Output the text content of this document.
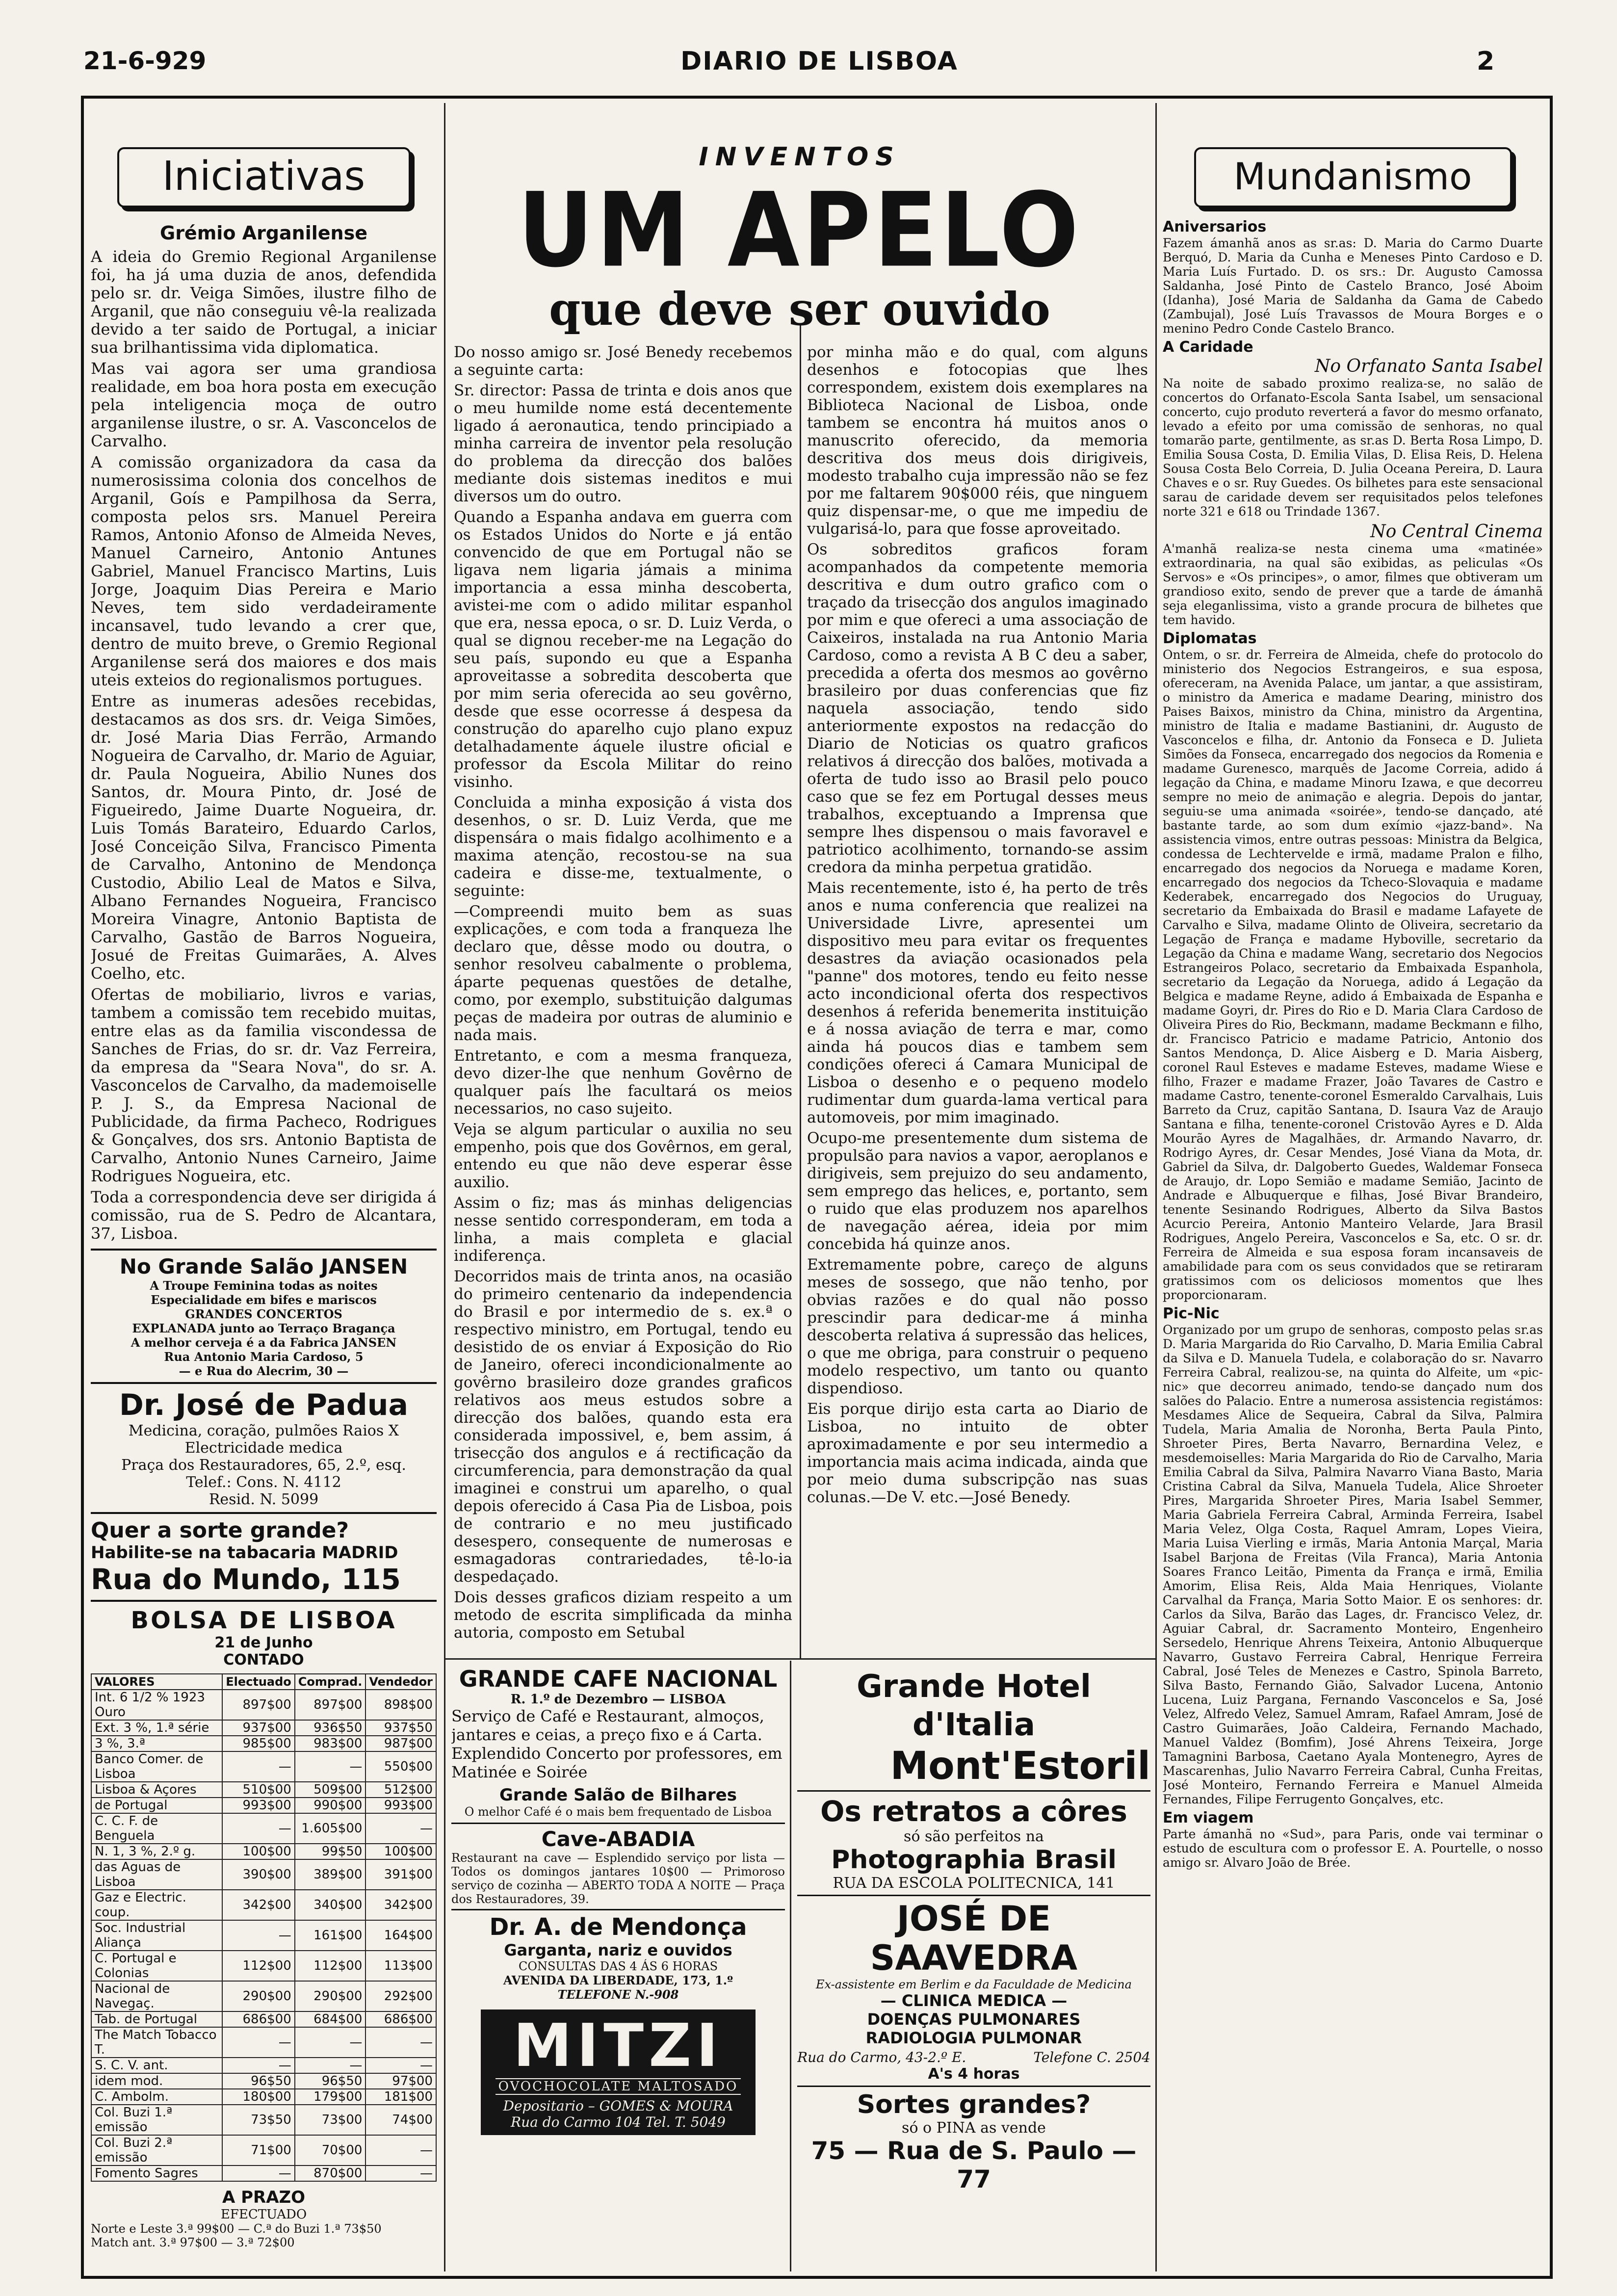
21-6-929	DIARIO DE LISBOA	2
Iniciativas
Grémio Arganilense

A ideia do Gremio Regional Arganilense foi, ha já uma duzia de anos, defendida pelo sr. dr. Veiga Simões, ilustre filho de Arganil, que não conseguiu vê-la realizada devido a ter saido de Portugal, a iniciar sua brilhantissima vida diplomatica.

Mas vai agora ser uma grandiosa realidade, em boa hora posta em execução pela inteligencia moça de outro arganilense ilustre, o sr. A. Vasconcelos de Carvalho.

A comissão organizadora da casa da numerosissima colonia dos concelhos de Arganil, Goís e Pampilhosa da Serra, composta pelos srs. Manuel Pereira Ramos, Antonio Afonso de Almeida Neves, Manuel Carneiro, Antonio Antunes Gabriel, Manuel Francisco Martins, Luis Jorge, Joaquim Dias Pereira e Mario Neves, tem sido verdadeiramente incansavel, tudo levando a crer que, dentro de muito breve, o Gremio Regional Arganilense será dos maiores e dos mais uteis exteios do regionalismos portugues.

Entre as inumeras adesões recebidas, destacamos as dos srs. dr. Veiga Simões, dr. José Maria Dias Ferrão, Armando Nogueira de Carvalho, dr. Mario de Aguiar, dr. Paula Nogueira, Abilio Nunes dos Santos, dr. Moura Pinto, dr. José de Figueiredo, Jaime Duarte Nogueira, dr. Luis Tomás Barateiro, Eduardo Carlos, José Conceição Silva, Francisco Pimenta de Carvalho, Antonino de Mendonça Custodio, Abilio Leal de Matos e Silva, Albano Fernandes Nogueira, Francisco Moreira Vinagre, Antonio Baptista de Carvalho, Gastão de Barros Nogueira, Josué de Freitas Guimarães, A. Alves Coelho, etc.

Ofertas de mobiliario, livros e varias, tambem a comissão tem recebido muitas, entre elas as da familia viscondessa de Sanches de Frias, do sr. dr. Vaz Ferreira, da empresa da "Seara Nova", do sr. A. Vasconcelos de Carvalho, da mademoiselle P. J. S., da Empresa Nacional de Publicidade, da firma Pacheco, Rodrigues & Gonçalves, dos srs. Antonio Baptista de Carvalho, Antonio Nunes Carneiro, Jaime Rodrigues Nogueira, etc.

Toda a correspondencia deve ser dirigida á comissão, rua de S. Pedro de Alcantara, 37, Lisboa.

No Grande Salão JANSEN
A Troupe Feminina todas as noites
Especialidade em bifes e mariscos
GRANDES CONCERTOS
EXPLANADA junto ao Terraço Bragança
A melhor cerveja é a da Fabrica JANSEN
Rua Antonio Maria Cardoso, 5
— e Rua do Alecrim, 30 —
Dr. José de Padua
Medicina, coração, pulmões Raios X
Electricidade medica
Praça dos Restauradores, 65, 2.º, esq.
Telef.: Cons. N. 4112
Resid. N. 5099
Quer a sorte grande?
Habilite-se na tabacaria MADRID
Rua do Mundo, 115
BOLSA DE LISBOA
21 de Junho
CONTADO
VALORES	Electuado	Comprad.	Vendedor
Int. 6 1/2 % 1923 Ouro	897$00	897$00	898$00
Ext. 3 %, 1.ª série	937$00	936$50	937$50
3 %, 3.ª	985$00	983$00	987$00
Banco Comer. de Lisboa	—	—	550$00
Lisboa & Açores	510$00	509$00	512$00
de Portugal	993$00	990$00	993$00
C. C. F. de Benguela	—	1.605$00	—
N. 1, 3 %, 2.º g.	100$00	99$50	100$00
das Aguas de Lisboa	390$00	389$00	391$00
Gaz e Electric. coup.	342$00	340$00	342$00
Soc. Industrial Aliança	—	161$00	164$00
C. Portugal e Colonias	112$00	112$00	113$00
Nacional de Navegaç.	290$00	290$00	292$00
Tab. de Portugal	686$00	684$00	686$00
The Match Tobacco T.	—	—	—
S. C. V. ant.	—	—	—
idem mod.	96$50	96$50	97$00
C. Ambolm.	180$00	179$00	181$00
Col. Buzi 1.ª emissão	73$50	73$00	74$00
Col. Buzi 2.ª emissão	71$00	70$00	—
Fomento Sagres	—	870$00	—
A PRAZO
EFECTUADO
Norte e Leste 3.ª 99$00 — C.ª do Buzi 1.ª 73$50
Match ant. 3.ª 97$00 — 3.ª 72$00
INVENTOS
UM APELO
que deve ser ouvido

Do nosso amigo sr. José Benedy recebemos a seguinte carta:

Sr. director: Passa de trinta e dois anos que o meu humilde nome está decentemente ligado á aeronautica, tendo principiado a minha carreira de inventor pela resolução do problema da direcção dos balões mediante dois sistemas ineditos e mui diversos um do outro.

Quando a Espanha andava em guerra com os Estados Unidos do Norte e já então convencido de que em Portugal não se ligava nem ligaria jámais a minima importancia a essa minha descoberta, avistei-me com o adido militar espanhol que era, nessa epoca, o sr. D. Luiz Verda, o qual se dignou receber-me na Legação do seu país, supondo eu que a Espanha aproveitasse a sobredita descoberta que por mim seria oferecida ao seu govêrno, desde que esse ocorresse á despesa da construção do aparelho cujo plano expuz detalhadamente áquele ilustre oficial e professor da Escola Militar do reino visinho.

Concluida a minha exposição á vista dos desenhos, o sr. D. Luiz Verda, que me dispensára o mais fidalgo acolhimento e a maxima atenção, recostou-se na sua cadeira e disse-me, textualmente, o seguinte:

—Compreendi muito bem as suas explicações, e com toda a franqueza lhe declaro que, dêsse modo ou doutra, o senhor resolveu cabalmente o problema, áparte pequenas questões de detalhe, como, por exemplo, substituição dalgumas peças de madeira por outras de aluminio e nada mais.

Entretanto, e com a mesma franqueza, devo dizer-lhe que nenhum Govêrno de qualquer país lhe facultará os meios necessarios, no caso sujeito.

Veja se algum particular o auxilia no seu empenho, pois que dos Govêrnos, em geral, entendo eu que não deve esperar êsse auxilio.

Assim o fiz; mas ás minhas deligencias nesse sentido corresponderam, em toda a linha, a mais completa e glacial indiferença.

Decorridos mais de trinta anos, na ocasião do primeiro centenario da independencia do Brasil e por intermedio de s. ex.ª o respectivo ministro, em Portugal, tendo eu desistido de os enviar á Exposição do Rio de Janeiro, ofereci incondicionalmente ao govêrno brasileiro doze grandes graficos relativos aos meus estudos sobre a direcção dos balões, quando esta era considerada impossivel, e, bem assim, á trisecção dos angulos e á rectificação da circumferencia, para demonstração da qual imaginei e construi um aparelho, o qual depois oferecido á Casa Pia de Lisboa, pois de contrario e no meu justificado desespero, consequente de numerosas e esmagadoras contrariedades, tê-lo-ia despedaçado.

Dois desses graficos diziam respeito a um metodo de escrita simplificada da minha autoria, composto em Setubal

por minha mão e do qual, com alguns desenhos e fotocopias que lhes correspondem, existem dois exemplares na Biblioteca Nacional de Lisboa, onde tambem se encontra há muitos anos o manuscrito oferecido, da memoria descritiva dos meus dois dirigiveis, modesto trabalho cuja impressão não se fez por me faltarem 90$000 réis, que ninguem quiz dispensar-me, o que me impediu de vulgarisá-lo, para que fosse aproveitado.

Os sobreditos graficos foram acompanhados da competente memoria descritiva e dum outro grafico com o traçado da trisecção dos angulos imaginado por mim e que ofereci a uma associação de Caixeiros, instalada na rua Antonio Maria Cardoso, como a revista A B C deu a saber, precedida a oferta dos mesmos ao govêrno brasileiro por duas conferencias que fiz naquela associação, tendo sido anteriormente expostos na redacção do Diario de Noticias os quatro graficos relativos á direcção dos balões, motivada a oferta de tudo isso ao Brasil pelo pouco caso que se fez em Portugal desses meus trabalhos, exceptuando a Imprensa que sempre lhes dispensou o mais favoravel e patriotico acolhimento, tornando-se assim credora da minha perpetua gratidão.

Mais recentemente, isto é, ha perto de três anos e numa conferencia que realizei na Universidade Livre, apresentei um dispositivo meu para evitar os frequentes desastres da aviação ocasionados pela "panne" dos motores, tendo eu feito nesse acto incondicional oferta dos respectivos desenhos á referida benemerita instituição e á nossa aviação de terra e mar, como ainda há poucos dias e tambem sem condições ofereci á Camara Municipal de Lisboa o desenho e o pequeno modelo rudimentar dum guarda-lama vertical para automoveis, por mim imaginado.

Ocupo-me presentemente dum sistema de propulsão para navios a vapor, aeroplanos e dirigiveis, sem prejuizo do seu andamento, sem emprego das helices, e, portanto, sem o ruido que elas produzem nos aparelhos de navegação aérea, ideia por mim concebida há quinze anos.

Extremamente pobre, careço de alguns meses de sossego, que não tenho, por obvias razões e do qual não posso prescindir para dedicar-me á minha descoberta relativa á supressão das helices, o que me obriga, para construir o pequeno modelo respectivo, um tanto ou quanto dispendioso.

Eis porque dirijo esta carta ao Diario de Lisboa, no intuito de obter aproximadamente e por seu intermedio a importancia mais acima indicada, ainda que por meio duma subscripção nas suas colunas.—De V. etc.—José Benedy.

GRANDE CAFE NACIONAL
R. 1.º de Dezembro — LISBOA
Serviço de Café e Restaurant, almoços, jantares e ceias, a preço fixo e á Carta. Explendido Concerto por professores, em Matinée e Soirée
Grande Salão de Bilhares
O melhor Café é o mais bem frequentado de Lisboa
Cave-ABADIA
Restaurant na cave — Esplendido serviço por lista — Todos os domingos jantares 10$00 — Primoroso serviço de cozinha — ABERTO TODA A NOITE — Praça dos Restauradores, 39.
Dr. A. de Mendonça
Garganta, nariz e ouvidos
CONSULTAS DAS 4 ÁS 6 HORAS
AVENIDA DA LIBERDADE, 173, 1.º
TELEFONE N.-908
MITZI
OVOCHOCOLATE MALTOSADO
Depositario – GOMES & MOURA
Rua do Carmo 104 Tel. T. 5049
Grande Hotel d'Italia
Mont'Estoril
Os retratos a côres
só são perfeitos na
Photographia Brasil
RUA DA ESCOLA POLITECNICA, 141
JOSÉ DE SAAVEDRA
Ex-assistente em Berlim e da Faculdade de Medicina
— CLINICA MEDICA —
DOENÇAS PULMONARES
RADIOLOGIA PULMONAR
Rua do Carmo, 43-2.º E.	Telefone C. 2504
A's 4 horas
Sortes grandes?
só o PINA as vende
75 — Rua de S. Paulo — 77
Mundanismo
Aniversarios

Fazem ámanhã anos as sr.as: D. Maria do Carmo Duarte Berquó, D. Maria da Cunha e Meneses Pinto Cardoso e D. Maria Luís Furtado. D. os srs.: Dr. Augusto Camossa Saldanha, José Pinto de Castelo Branco, José Aboim (Idanha), José Maria de Saldanha da Gama de Cabedo (Zambujal), José Luís Travassos de Moura Borges e o menino Pedro Conde Castelo Branco.

A Caridade
No Orfanato Santa Isabel

Na noite de sabado proximo realiza-se, no salão de concertos do Orfanato-Escola Santa Isabel, um sensacional concerto, cujo produto reverterá a favor do mesmo orfanato, levado a efeito por uma comissão de senhoras, no qual tomarão parte, gentilmente, as sr.as D. Berta Rosa Limpo, D. Emilia Sousa Costa, D. Emilia Vilas, D. Elisa Reis, D. Helena Sousa Costa Belo Correia, D. Julia Oceana Pereira, D. Laura Chaves e o sr. Ruy Guedes. Os bilhetes para este sensacional sarau de caridade devem ser requisitados pelos telefones norte 321 e 618 ou Trindade 1367.

No Central Cinema

A'manhã realiza-se nesta cinema uma «matinée» extraordinaria, na qual são exibidas, as peliculas «Os Servos» e «Os principes», o amor, filmes que obtiveram um grandioso exito, sendo de prever que a tarde de ámanhã seja eleganlissima, visto a grande procura de bilhetes que tem havido.

Diplomatas

Ontem, o sr. dr. Ferreira de Almeida, chefe do protocolo do ministerio dos Negocios Estrangeiros, e sua esposa, ofereceram, na Avenida Palace, um jantar, a que assistiram, o ministro da America e madame Dearing, ministro dos Paises Baixos, ministro da China, ministro da Argentina, ministro de Italia e madame Bastianini, dr. Augusto de Vasconcelos e filha, dr. Antonio da Fonseca e D. Julieta Simões da Fonseca, encarregado dos negocios da Romenia e madame Gurenesco, marquês de Jacome Correia, adido á legação da China, e madame Minoru Izawa, e que decorreu sempre no meio de animação e alegria. Depois do jantar, seguiu-se uma animada «soirée», tendo-se dançado, até bastante tarde, ao som dum exímio «jazz-band». Na assistencia vimos, entre outras pessoas: Ministra da Belgica, condessa de Lechtervelde e irmã, madame Pralon e filho, encarregado dos negocios da Noruega e madame Koren, encarregado dos negocios da Tcheco-Slovaquia e madame Kederabek, encarregado dos Negocios do Uruguay, secretario da Embaixada do Brasil e madame Lafayete de Carvalho e Silva, madame Olinto de Oliveira, secretario da Legação de França e madame Hyboville, secretario da Legação da China e madame Wang, secretario dos Negocios Estrangeiros Polaco, secretario da Embaixada Espanhola, secretario da Legação da Noruega, adido á Legação da Belgica e madame Reyne, adido á Embaixada de Espanha e madame Goyri, dr. Pires do Rio e D. Maria Clara Cardoso de Oliveira Pires do Rio, Beckmann, madame Beckmann e filho, dr. Francisco Patricio e madame Patricio, Antonio dos Santos Mendonça, D. Alice Aisberg e D. Maria Aisberg, coronel Raul Esteves e madame Esteves, madame Wiese e filho, Frazer e madame Frazer, João Tavares de Castro e madame Castro, tenente-coronel Esmeraldo Carvalhais, Luis Barreto da Cruz, capitão Santana, D. Isaura Vaz de Araujo Santana e filha, tenente-coronel Cristovão Ayres e D. Alda Mourão Ayres de Magalhães, dr. Armando Navarro, dr. Rodrigo Ayres, dr. Cesar Mendes, José Viana da Mota, dr. Gabriel da Silva, dr. Dalgoberto Guedes, Waldemar Fonseca de Araujo, dr. Lopo Semião e madame Semião, Jacinto de Andrade e Albuquerque e filhas, José Bivar Brandeiro, tenente Sesinando Rodrigues, Alberto da Silva Bastos Acurcio Pereira, Antonio Manteiro Velarde, Jara Brasil Rodrigues, Angelo Pereira, Vasconcelos e Sa, etc. O sr. dr. Ferreira de Almeida e sua esposa foram incansaveis de amabilidade para com os seus convidados que se retiraram gratissimos com os deliciosos momentos que lhes proporcionaram.

Pic-Nic

Organizado por um grupo de senhoras, composto pelas sr.as D. Maria Margarida do Rio Carvalho, D. Maria Emilia Cabral da Silva e D. Manuela Tudela, e colaboração do sr. Navarro Ferreira Cabral, realizou-se, na quinta do Alfeite, um «pic-nic» que decorreu animado, tendo-se dançado num dos salões do Palacio. Entre a numerosa assistencia registámos: Mesdames Alice de Sequeira, Cabral da Silva, Palmira Tudela, Maria Amalia de Noronha, Berta Paula Pinto, Shroeter Pires, Berta Navarro, Bernardina Velez, e mesdemoiselles: Maria Margarida do Rio de Carvalho, Maria Emilia Cabral da Silva, Palmira Navarro Viana Basto, Maria Cristina Cabral da Silva, Manuela Tudela, Alice Shroeter Pires, Margarida Shroeter Pires, Maria Isabel Semmer, Maria Gabriela Ferreira Cabral, Arminda Ferreira, Isabel Maria Velez, Olga Costa, Raquel Amram, Lopes Vieira, Maria Luisa Vierling e irmãs, Maria Antonia Marçal, Maria Isabel Barjona de Freitas (Vila Franca), Maria Antonia Soares Franco Leitão, Pimenta da França e irmã, Emilia Amorim, Elisa Reis, Alda Maia Henriques, Violante Carvalhal da França, Maria Sotto Maior. E os senhores: dr. Carlos da Silva, Barão das Lages, dr. Francisco Velez, dr. Aguiar Cabral, dr. Sacramento Monteiro, Engenheiro Sersedelo, Henrique Ahrens Teixeira, Antonio Albuquerque Navarro, Gustavo Ferreira Cabral, Henrique Ferreira Cabral, José Teles de Menezes e Castro, Spinola Barreto, Silva Basto, Fernando Gião, Salvador Lucena, Antonio Lucena, Luiz Pargana, Fernando Vasconcelos e Sa, José Velez, Alfredo Velez, Samuel Amram, Rafael Amram, José de Castro Guimarães, João Caldeira, Fernando Machado, Manuel Valdez (Bomfim), José Ahrens Teixeira, Jorge Tamagnini Barbosa, Caetano Ayala Montenegro, Ayres de Mascarenhas, Julio Navarro Ferreira Cabral, Cunha Freitas, José Monteiro, Fernando Ferreira e Manuel Almeida Fernandes, Filipe Ferrugento Gonçalves, etc.

Em viagem

Parte ámanhã no «Sud», para Paris, onde vai terminar o estudo de escultura com o professor E. A. Pourtelle, o nosso amigo sr. Alvaro João de Brée.
